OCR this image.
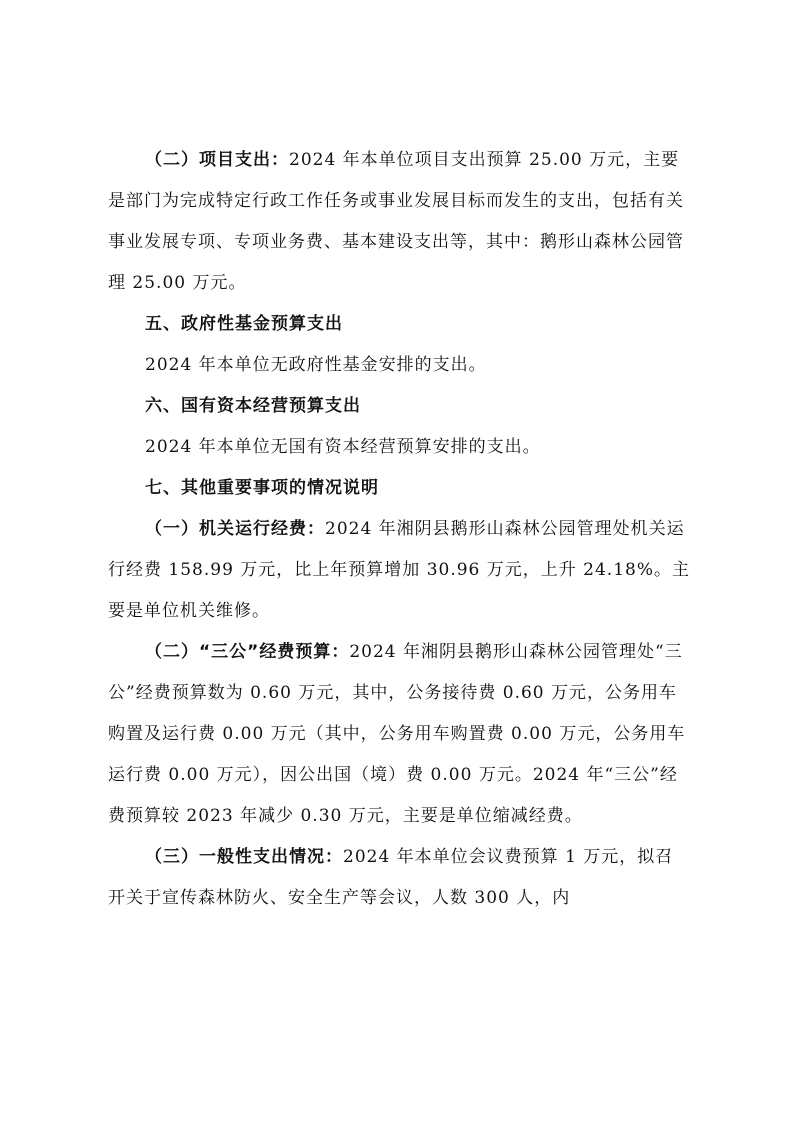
（二）项目支出：2024 年本单位项目支出预算 25.00 万元，主要是部门为完成特定行政工作任务或事业发展目标而发生的支出，包括有关事业发展专项、专项业务费、基本建设支出等，其中：鹅形山森林公园管理 25.00 万元。

五、政府性基金预算支出

2024 年本单位无政府性基金安排的支出。

六、国有资本经营预算支出

2024 年本单位无国有资本经营预算安排的支出。

七、其他重要事项的情况说明

（一）机关运行经费：2024 年湘阴县鹅形山森林公园管理处机关运行经费 158.99 万元，比上年预算增加 30.96 万元，上升 24.18%。主要是单位机关维修。

（二）“三公”经费预算：2024 年湘阴县鹅形山森林公园管理处“三公”经费预算数为 0.60 万元，其中，公务接待费 0.60 万元，公务用车购置及运行费 0.00 万元（其中，公务用车购置费 0.00 万元，公务用车运行费 0.00 万元），因公出国（境）费 0.00 万元。2024 年“三公”经费预算较 2023 年减少 0.30 万元，主要是单位缩减经费。

（三）一般性支出情况：2024 年本单位会议费预算 1 万元，拟召开关于宣传森林防火、安全生产等会议，人数 300 人，内
